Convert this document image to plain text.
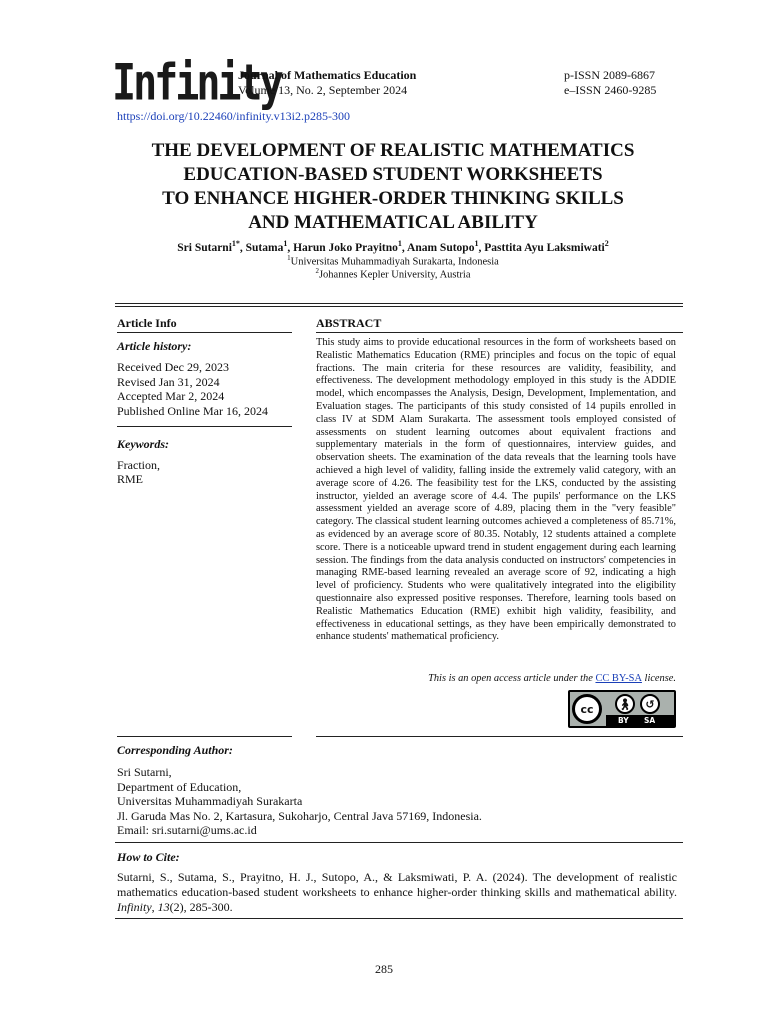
Infinity
Journal of Mathematics Education
Volume 13, No. 2, September 2024
p-ISSN 2089-6867
e–ISSN 2460-9285
https://doi.org/10.22460/infinity.v13i2.p285-300
THE DEVELOPMENT OF REALISTIC MATHEMATICS
EDUCATION-BASED STUDENT WORKSHEETS
TO ENHANCE HIGHER-ORDER THINKING SKILLS
AND MATHEMATICAL ABILITY
Sri Sutarni$^{1*}$, Sutama$^1$, Harun Joko Prayitno$^1$, Anam Sutopo$^1$, Pasttita Ayu Laksmiwati$^2$
$^1$Universitas Muhammadiyah Surakarta, Indonesia
$^2$Johannes Kepler University, Austria
Article Info
Article history:
Received Dec 29, 2023
Revised Jan 31, 2024
Accepted Mar 2, 2024
Published Online Mar 16, 2024
Keywords:
Fraction,
RME
ABSTRACT
This study aims to provide educational resources in the form of worksheets based on Realistic Mathematics Education (RME) principles and focus on the topic of equal fractions. The main criteria for these resources are validity, feasibility, and effectiveness. The development methodology employed in this study is the ADDIE model, which encompasses the Analysis, Design, Development, Implementation, and Evaluation stages. The participants of this study consisted of 14 pupils enrolled in class IV at SDM Alam Surakarta. The assessment tools employed consisted of assessments on student learning outcomes about equivalent fractions and supplementary materials in the form of questionnaires, interview guides, and observation sheets. The examination of the data reveals that the learning tools have achieved a high level of validity, falling inside the extremely valid category, with an average score of 4.26. The feasibility test for the LKS, conducted by the assisting instructor, yielded an average score of 4.4. The pupils' performance on the LKS assessment yielded an average score of 4.89, placing them in the "very feasible" category. The classical student learning outcomes achieved a completeness of 85.71%, as evidenced by an average score of 80.35. Notably, 12 students attained a complete score. There is a noticeable upward trend in student engagement during each learning session. The findings from the data analysis conducted on instructors' competencies in managing RME-based learning revealed an average score of 92, indicating a high level of proficiency. Students who were qualitatively integrated into the eligibility questionnaire also expressed positive responses. Therefore, learning tools based on Realistic Mathematics Education (RME) exhibit high validity, feasibility, and effectiveness in educational settings, as they have been empirically demonstrated to enhance students' mathematical proficiency.
This is an open access article under the CC BY-SA license.
cc	🚶︎	↺
BY SA
Corresponding Author:
Sri Sutarni,
Department of Education,
Universitas Muhammadiyah Surakarta
Jl. Garuda Mas No. 2, Kartasura, Sukoharjo, Central Java 57169, Indonesia.
Email: sri.sutarni@ums.ac.id
How to Cite:
Sutarni, S., Sutama, S., Prayitno, H. J., Sutopo, A., & Laksmiwati, P. A. (2024). The development of realistic mathematics education-based student worksheets to enhance higher-order thinking skills and mathematical ability. Infinity, 13(2), 285-300.
285
